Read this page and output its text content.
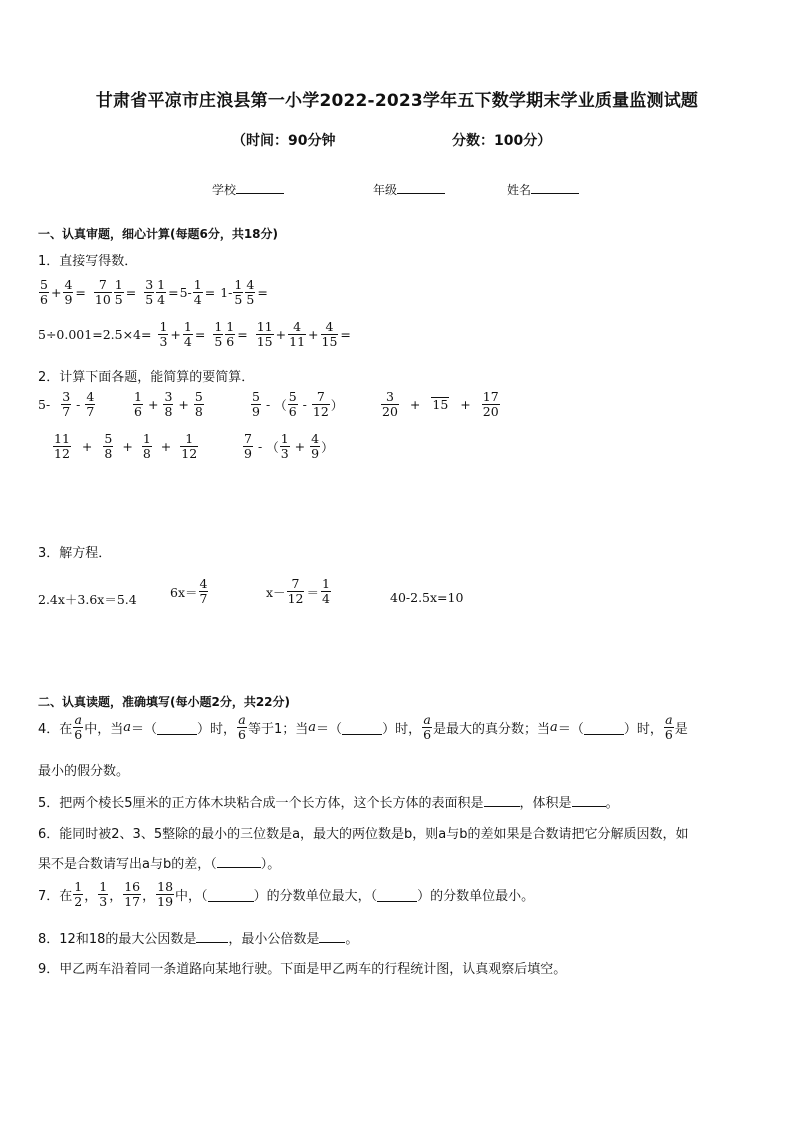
甘肃省平凉市庄浪县第一小学2022-2023学年五下数学期末学业质量监测试题
（时间：90分钟	分数：100分）
学校	年级	姓名
一、认真审题，细心计算(每题6分，共18分)
1．直接写得数．
$\frac{5}{6} + \frac{4}{9} = \frac{7}{10} \frac{1}{5} = \frac{3}{5} \frac{1}{4} = 5- \frac{1}{4} = 1- \frac{1}{5} \frac{4}{5}$ =
$5\div 0.001= 2.5\times 4= \frac{1}{3} + \frac{1}{4} = \frac{1}{5} \frac{1}{6} = \frac{11}{15} + \frac{4}{11} + \frac{4}{15}$ =
2．计算下面各题，能简算的要简算．
$5- \frac{3}{7} - \frac{4}{7}$	$\frac{1}{6} + \frac{3}{8} + \frac{5}{8}$	$\frac{5}{9}$ - （ $\frac{5}{6} - \frac{7}{12}$ ）	$\frac{3}{20} + 15 + \frac{17}{20}$
$\frac{11}{12} + \frac{5}{8} + \frac{1}{8} + \frac{1}{12}$	$\frac{7}{9}$ - （ $\frac{1}{3} + \frac{4}{9}$ ）
3．解方程．
2.4x＋3.6x＝5.4	$6x= \frac{4}{7}$	$x- \frac{7}{12} = \frac{1}{4}$	40-2.5x=10
二、认真读题，准确填写(每小题2分，共22分)
4．在 $\frac{a}{6}$ 中，当 a ＝（	）时， $\frac{a}{6}$ 等于1；当 a ＝（	）时， $\frac{a}{6}$ 是最大的真分数；当 a ＝（	）时， $\frac{a}{6}$ 是
最小的假分数。
5．把两个棱长5厘米的正方体木块粘合成一个长方体，这个长方体的表面积是	，体积是	。
6．能同时被2、3、5整除的最小的三位数是a，最大的两位数是b，则a与b的差如果是合数请把它分解质因数，如
果不是合数请写出a与b的差，（	）。
7．在 $\frac{1}{2}$ ， $\frac{1}{3}$ ， $\frac{16}{17}$ ， $\frac{18}{19}$ 中，（	）的分数单位最大，（	）的分数单位最小。
8．12和18的最大公因数是 ，最小公倍数是 。
9．甲乙两车沿着同一条道路向某地行驶。下面是甲乙两车的行程统计图，认真观察后填空。
